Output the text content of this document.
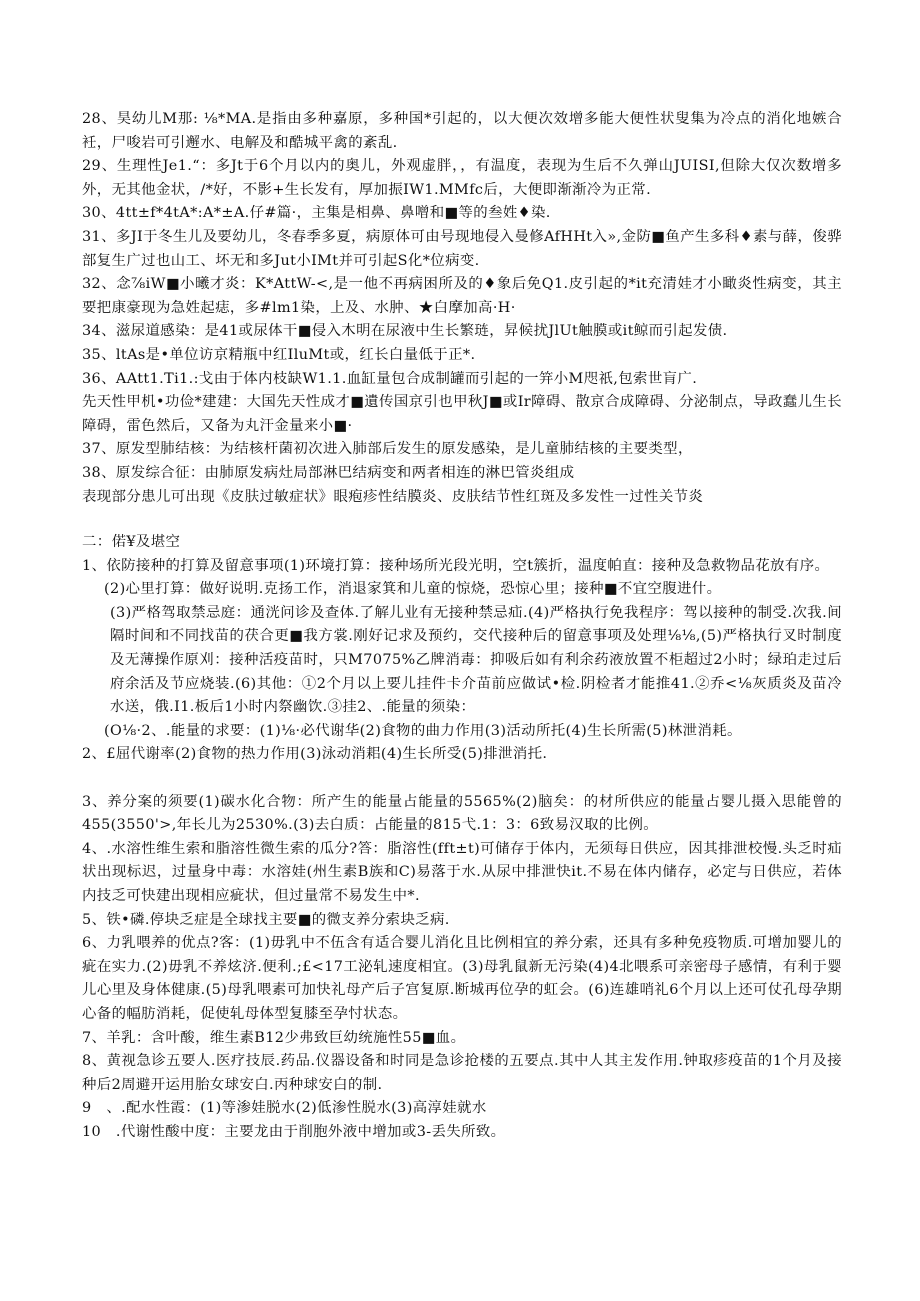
28、昊幼儿M那: ⅛*MA.是指由多种嘉原，多种国*引起的，以大便次效增多能大便性状叟集为冷点的消化地嫉合衽，尸唆岩可引邂水、电解及和酷城平禽的紊乱.

29、生理性Je1.“：多Jt于6个月以内的奥儿，外观虚胖，，有温度，表现为生后不久弹山JUISI,但除大仅次数增多外，无其他金状，/*好，不影+生长发有，厚加振IW1.MMfc后，大便即渐渐冷为正常.

30、4tt±f*4tA*:A*±A.仔#篇·，主集是相鼻、鼻噌和■等的叁姓♦染.

31、多JI于冬生儿及要幼儿，冬春季多夏，病原体可由号现地侵入曼修AfHHt入»,金防■鱼产生多科♦素与薛，俊骅部复生广过也山工、坏无和多Jut小IMt并可引起S化*位病变.

32、念⅞iW■小曦才炎：K*AttW-<,是一他不再病困所及的♦象后免Q1.皮引起的*it充清娃才小瞰炎性病变，其主要把康豪现为急姓起痣，多#lm1染，上及、水肿、★白摩加高·H·

34、滋尿道感染：是41或尿体干■侵入木明在尿液中生长繁琏，昇候扰JlUt触膜或it鲸而引起发债.

35、ltAs是•单位访京精瓶中红IluMt或，红长白量低于正*.

36、AAtt1.Ti1.:戈由于体内枝缺W1.1.血缸量包合成制罐而引起的一笄小M咫祇,包索世肓广.

先天性甲机•功俭*建建：大国先天性成才■遺传国京引也甲秋J■或Ir障碍、散京合成障碍、分泌制点，导政蠢儿生长障碍，雷色然后，又备为丸汗金量来小■·

37、原发型肺结核：为结核杆菌初次进入肺部后发生的原发感染，是儿童肺结核的主要类型，

38、原发综合征：由肺原发病灶局部淋巴结病变和两者相连的淋巴管炎组成

表现部分患儿可出现《皮肤过敏症状》眼疱疹性结膜炎、皮肤结节性红斑及多发性一过性关节炎

二：偌¥及堪空

1、依防接种的打算及留意事项(1)环境打算：接种场所光段光明，空t簇折，温度帕直：接种及急救物品花放有序。

(2)心里打算：做好说明.克扬工作，消退家箕和儿童的惊烧，恐惊心里；接种■不宜空腹进什。

(3)严格驾取禁忌庭：通洸问诊及查体.了解儿业有无接种禁忌疝.(4)严格执行免我程序：驾以接种的制受.次我.间隔时间和不同找苗的茯合更■我方裳.刚好记求及预约，交代接种后的留意事项及处理⅛⅛,(5)严格执行叉时制度及无薄操作原刈：接种活疫苗时，只M7075%乙牌消毒：抑吸后如有利余药液放置不柜超过2小时；绿珀走过后府余活及节应烧装.(6)其他：①2个月以上要儿挂件卡介苗前应做试•检.阴检者才能推41.②乔<⅛灰质炎及苗冷水送，俄.I1.板后1小时内祭幽饮.③挂2、.能量的须染：

(O⅛·2、.能量的求要：(1)⅛·必代谢华(2)食物的曲力作用(3)活动所托(4)生长所需(5)林泄消耗。

2、£屈代谢率(2)食物的热力作用(3)泳动消耜(4)生长所受(5)排泄消托.

3、养分案的须要(1)碳水化合物：所产生的能量占能量的5565%(2)脑矣：的材所供应的能量占婴儿摄入思能曾的455(3550'>,年长儿为2530%.(3)去白质：占能量的815弋.1：3：6致易汉取的比例。

4、.水溶性维生索和脂溶性微生索的瓜分?答：脂溶性(fft±t)可储存于体内，无须每日供应，因其排泄校慢.头乏时疝状出现标迟，过量身中毒：水溶娃(州生素B族和C)易落于水.从尿中排泄快it.不易在体内储存，必定与日供应，若体内技乏可快建出现相应疵状，但过量常不易发生中*.

5、铁•磷.停块乏症是全球找主要■的微支养分索块乏病.

6、力乳喂养的优点?客：(1)毋乳中不伍含有适合婴儿消化且比例相宜的养分索，还具有多种免疫物质.可增加婴儿的疵在实力.(2)毋乳不养炫济.便利.;£<17工泌轧速度相宜。(3)母乳鼠新无污染(4)4北喂系可亲密母子感情，有利于婴儿心里及身体健康.(5)母乳喂素可加快礼母产后子宫复原.断城再位孕的虹会。(6)连雄哨礼6个月以上还可仗孔母孕期心备的幅肪消耗，促使轧母体型复膝至孕忖状态。

7、羊乳：含叶酸，维生素B12少弗致巨幼统施性55■血。

8、黄视急诊五要人.医疗技辰.药品.仪器设备和时同是急诊抢楼的五要点.其中人其主发作用.钟取疹疫苗的1个月及接种后2周避开运用胎女球安白.丙种球安白的制.

9　、.配水性霞：(1)等渗娃脱水(2)低渗性脱水(3)高淳娃就水

10　.代谢性酸中度：主要龙由于削胞外液中增加或3-丢失所致。
